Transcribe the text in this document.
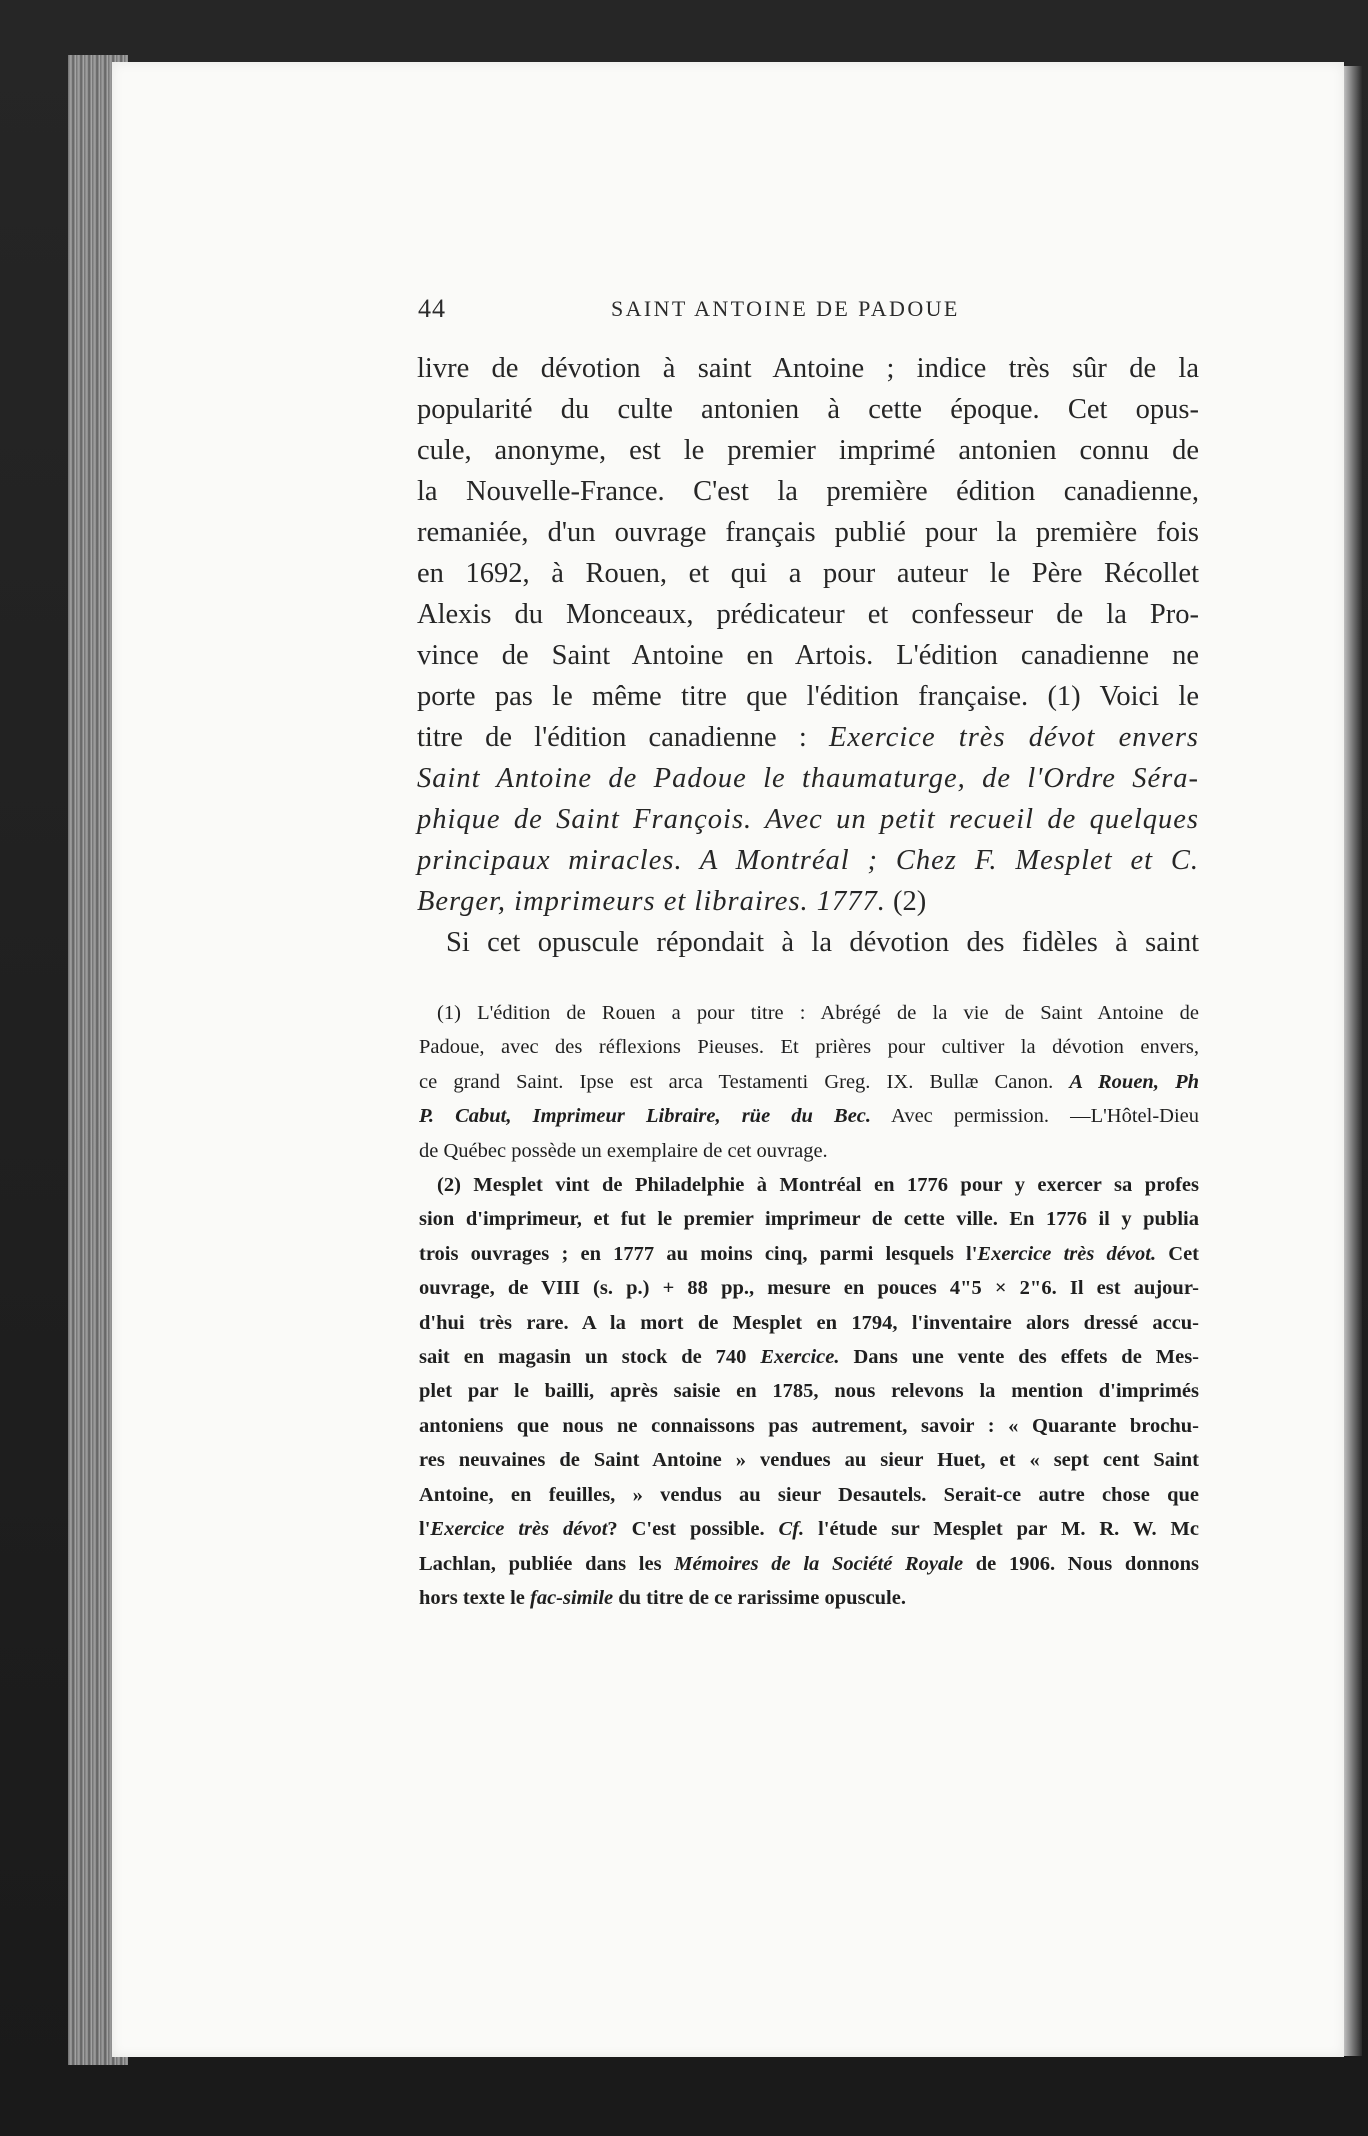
44	SAINT ANTOINE DE PADOUE
livre de dévotion à saint Antoine ; indice très sûr de la
popularité du culte antonien à cette époque. Cet opus-
cule, anonyme, est le premier imprimé antonien connu de
la Nouvelle-France. C'est la première édition canadienne,
remaniée, d'un ouvrage français publié pour la première fois
en 1692, à Rouen, et qui a pour auteur le Père Récollet
Alexis du Monceaux, prédicateur et confesseur de la Pro-
vince de Saint Antoine en Artois. L'édition canadienne ne
porte pas le même titre que l'édition française. (1) Voici le
titre de l'édition canadienne : Exercice très dévot envers
Saint Antoine de Padoue le thaumaturge, de l'Ordre Séra-
phique de Saint François. Avec un petit recueil de quelques
principaux miracles. A Montréal ; Chez F. Mesplet et C.
Berger, imprimeurs et libraires. 1777. (2)
Si cet opuscule répondait à la dévotion des fidèles à saint
(1) L'édition de Rouen a pour titre : Abrégé de la vie de Saint Antoine de
Padoue, avec des réflexions Pieuses. Et prières pour cultiver la dévotion envers,
ce grand Saint. Ipse est arca Testamenti Greg. IX. Bullæ Canon. A Rouen, Ph
P. Cabut, Imprimeur Libraire, rüe du Bec. Avec permission. —L'Hôtel-Dieu
de Québec possède un exemplaire de cet ouvrage.
(2) Mesplet vint de Philadelphie à Montréal en 1776 pour y exercer sa profes
sion d'imprimeur, et fut le premier imprimeur de cette ville. En 1776 il y publia
trois ouvrages ; en 1777 au moins cinq, parmi lesquels l'Exercice très dévot. Cet
ouvrage, de VIII (s. p.) + 88 pp., mesure en pouces 4"5 × 2"6. Il est aujour-
d'hui très rare. A la mort de Mesplet en 1794, l'inventaire alors dressé accu-
sait en magasin un stock de 740 Exercice. Dans une vente des effets de Mes-
plet par le bailli, après saisie en 1785, nous relevons la mention d'imprimés
antoniens que nous ne connaissons pas autrement, savoir : « Quarante brochu-
res neuvaines de Saint Antoine » vendues au sieur Huet, et « sept cent Saint
Antoine, en feuilles, » vendus au sieur Desautels. Serait-ce autre chose que
l'Exercice très dévot? C'est possible. Cf. l'étude sur Mesplet par M. R. W. Mc
Lachlan, publiée dans les Mémoires de la Société Royale de 1906. Nous donnons
hors texte le fac-simile du titre de ce rarissime opuscule.
